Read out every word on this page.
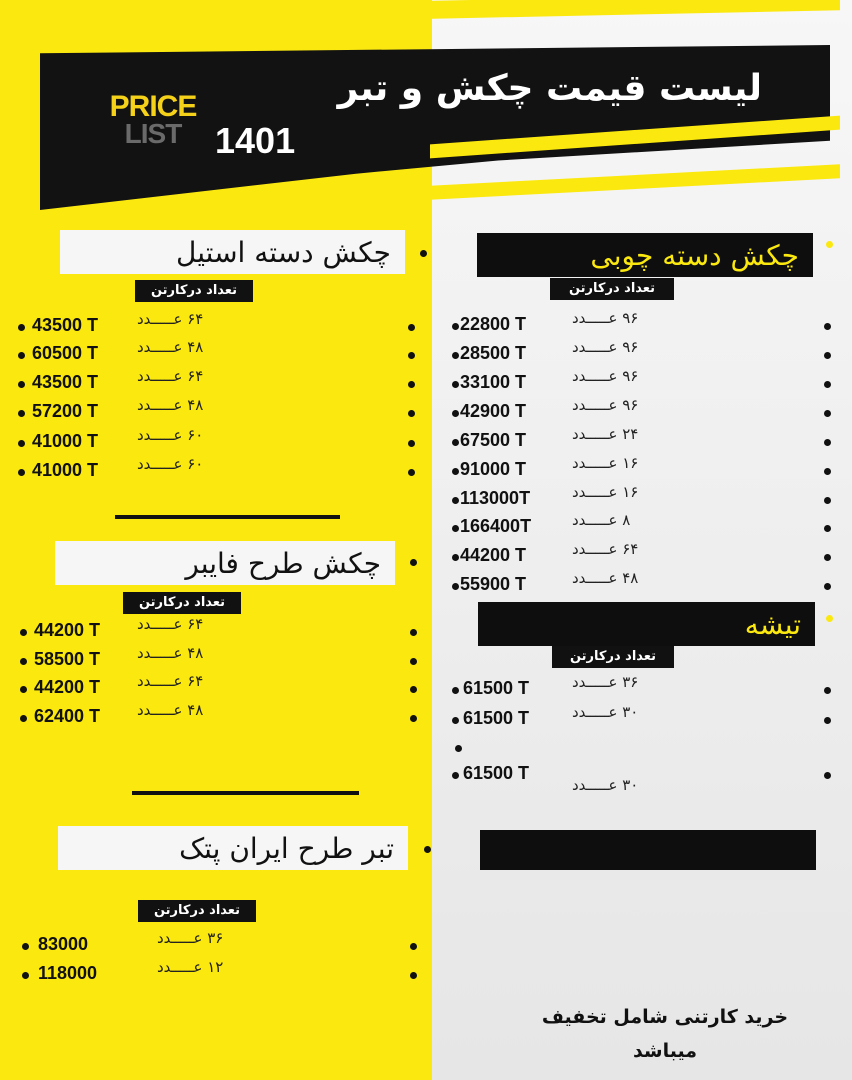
PRICE
LIST
لیست قیمت چکش و تبر
1401
چکش دسته استیل
تعداد درکارتن
۶۴ عـــــدد
43500 T
۴۸ عـــــدد
60500 T
۶۴ عـــــدد
43500 T
۴۸ عـــــدد
57200 T
۶۰ عـــــدد
41000 T
۶۰ عـــــدد
41000 T
چکش طرح فایبر
تعداد درکارتن
۶۴ عـــــدد
44200 T
۴۸ عـــــدد
58500 T
۶۴ عـــــدد
44200 T
۴۸ عـــــدد
62400 T
تبر طرح ایران پتک
تعداد درکارتن
۳۶ عـــــدد
83000
۱۲ عـــــدد
118000
چکش دسته چوبی
تعداد درکارتن
۹۶ عـــــدد
22800 T
۹۶ عـــــدد
28500 T
۹۶ عـــــدد
33100 T
۹۶ عـــــدد
42900 T
۲۴ عـــــدد
67500 T
۱۶ عـــــدد
91000 T
۱۶ عـــــدد
113000T
۸ عـــــدد
166400T
۶۴ عـــــدد
44200 T
۴۸ عـــــدد
55900 T
تیشه
تعداد درکارتن
۳۶ عـــــدد
61500 T
۳۰ عـــــدد
61500 T
۳۰ عـــــدد
61500 T
خرید کارتنی شامل تخفیف
میباشد
